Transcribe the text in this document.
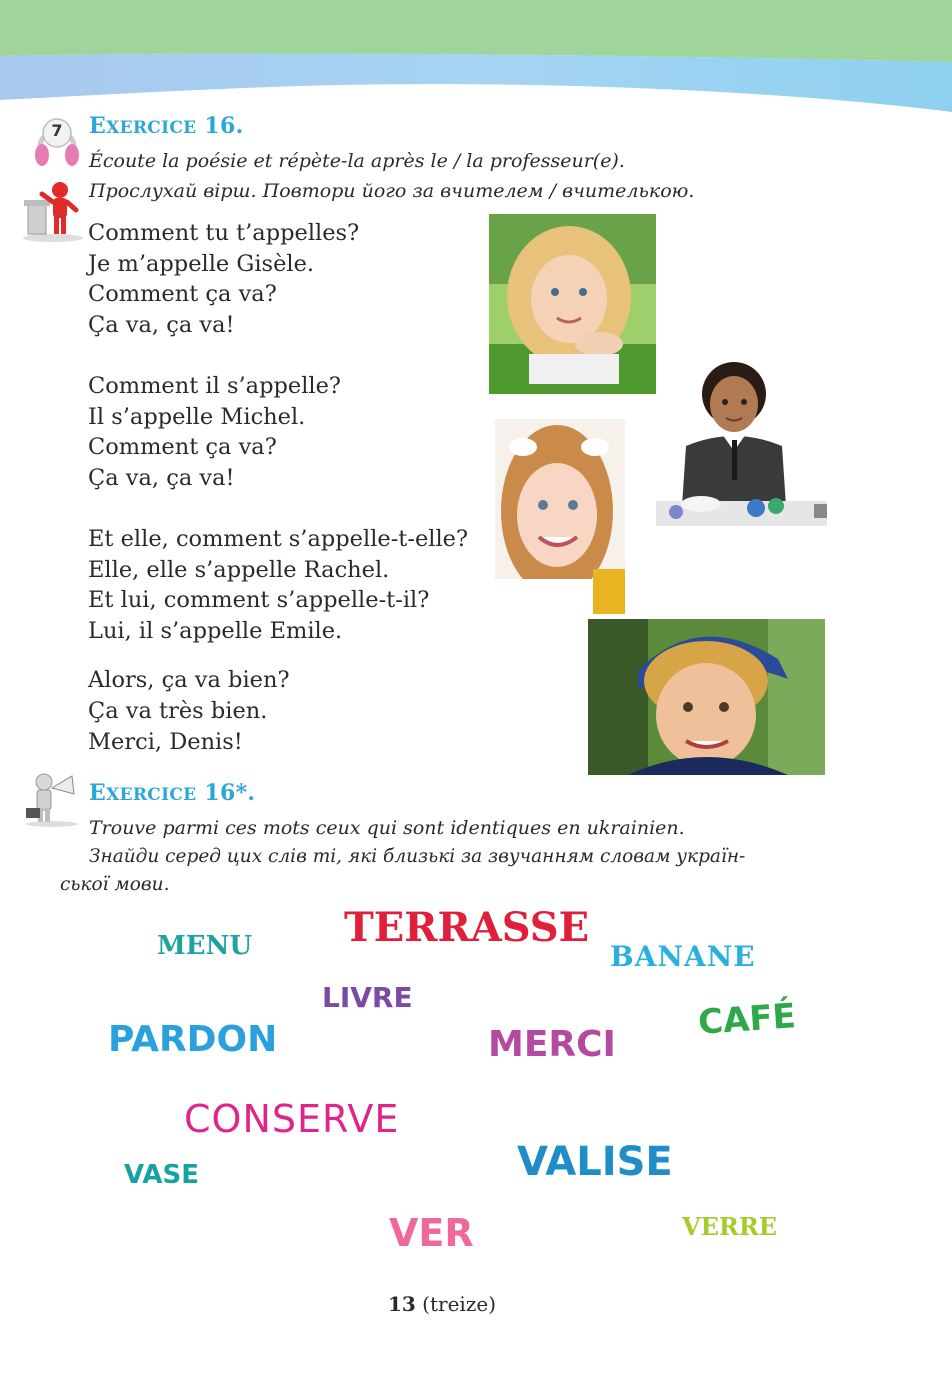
7 EXERCICE 16.
Écoute la poésie et répète-la après le / la professeur(e).
Прослухай вірш. Повтори його за вчителем / вчителькою.
Comment tu t’appelles?
Je m’appelle Gisèle.
Comment ça va?
Ça va, ça va!
Comment il s’appelle?
Il s’appelle Michel.
Comment ça va?
Ça va, ça va!
Et elle, comment s’appelle-t-elle?
Elle, elle s’appelle Rachel.
Et lui, comment s’appelle-t-il?
Lui, il s’appelle Emile.
Alors, ça va bien?
Ça va très bien.
Merci, Denis!
EXERCICE 16*.
Trouve parmi ces mots ceux qui sont identiques en ukrainien.
Знайди серед цих слів ті, які близькі за звучанням словам україн-
ської мови.
TERRASSE
MENU	BANANE
LIVRE	CAFÉ
PARDON	MERCI
CONSERVE
VALISE
VASE
VER	VERRE
13 (treize)
